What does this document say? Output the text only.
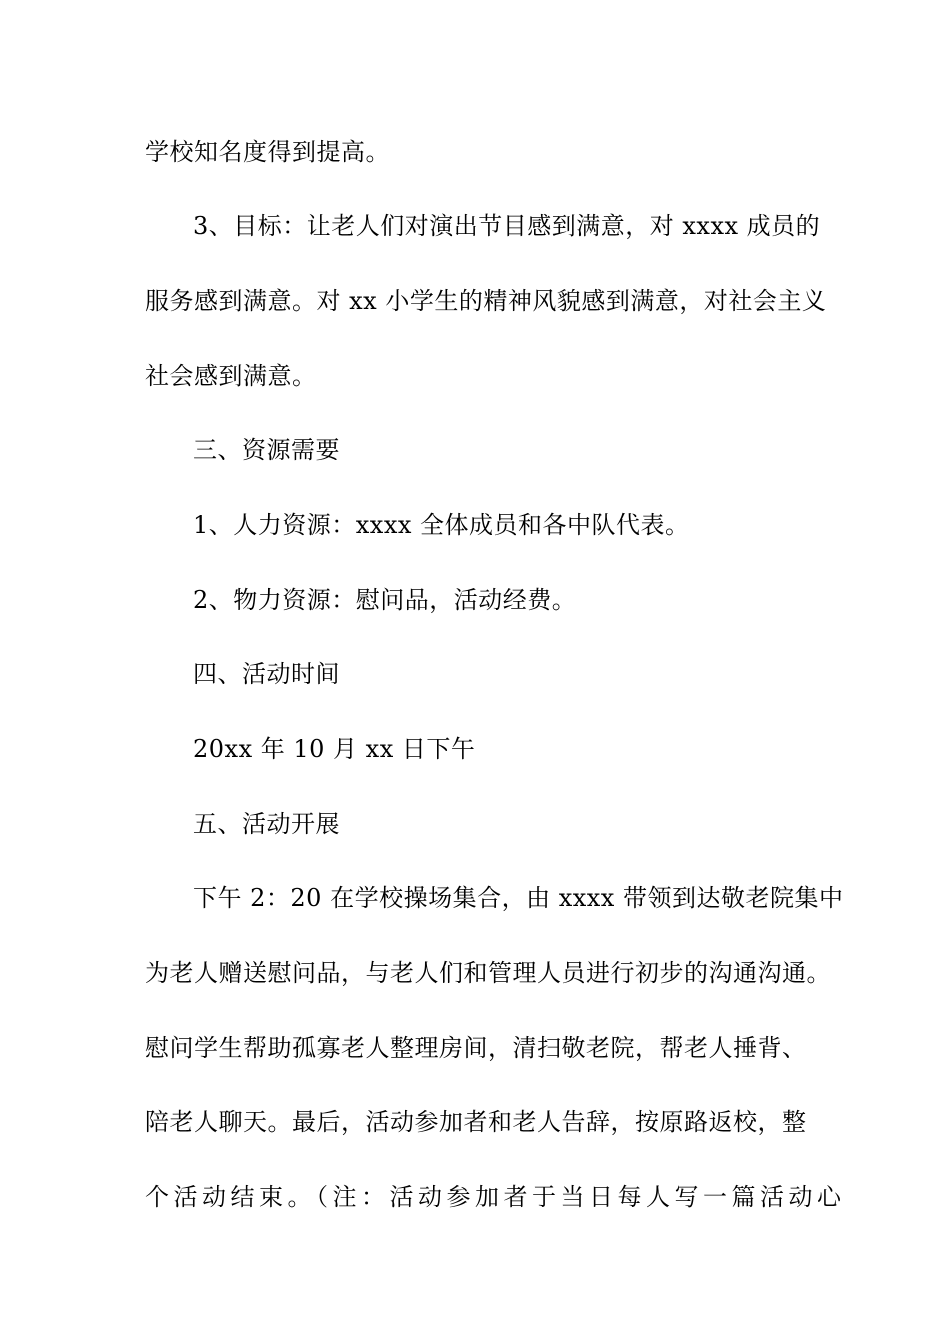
学校知名度得到提高。
3、目标：让老人们对演出节目感到满意，对 xxxx 成员的
服务感到满意。对 xx 小学生的精神风貌感到满意，对社会主义
社会感到满意。
三、资源需要
1、人力资源：xxxx 全体成员和各中队代表。
2、物力资源：慰问品，活动经费。
四、活动时间
20xx 年 10 月 xx 日下午
五、活动开展
下午 2：20 在学校操场集合，由 xxxx 带领到达敬老院集中
为老人赠送慰问品，与老人们和管理人员进行初步的沟通沟通。
慰问学生帮助孤寡老人整理房间，清扫敬老院，帮老人捶背、
陪老人聊天。最后，活动参加者和老人告辞，按原路返校，整
个活动结束。（注：活动参加者于当日每人写一篇活动心
